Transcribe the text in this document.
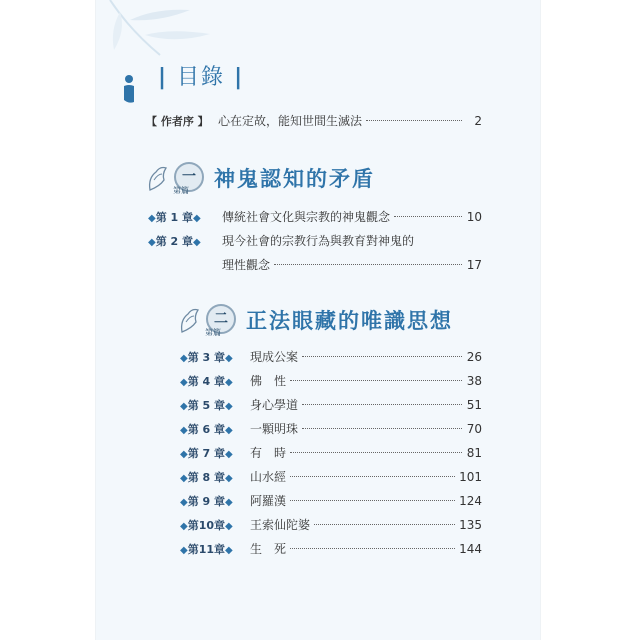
| 目錄 |
【 作者序 】 心在定故，能知世間生滅法	2
一
第篇 神鬼認知的矛盾
◆第 1 章◆	傳統社會文化與宗教的神鬼觀念	10
◆第 2 章◆	現今社會的宗教行為與教育對神鬼的
理性觀念	17
二
第篇 正法眼藏的唯識思想
◆第 3 章◆	現成公案	26
◆第 4 章◆	佛　性	38
◆第 5 章◆	身心學道	51
◆第 6 章◆	一顆明珠	70
◆第 7 章◆	有　時	81
◆第 8 章◆	山水經	101
◆第 9 章◆	阿羅漢	124
◆第10章◆	王索仙陀婆	135
◆第11章◆	生　死	144
